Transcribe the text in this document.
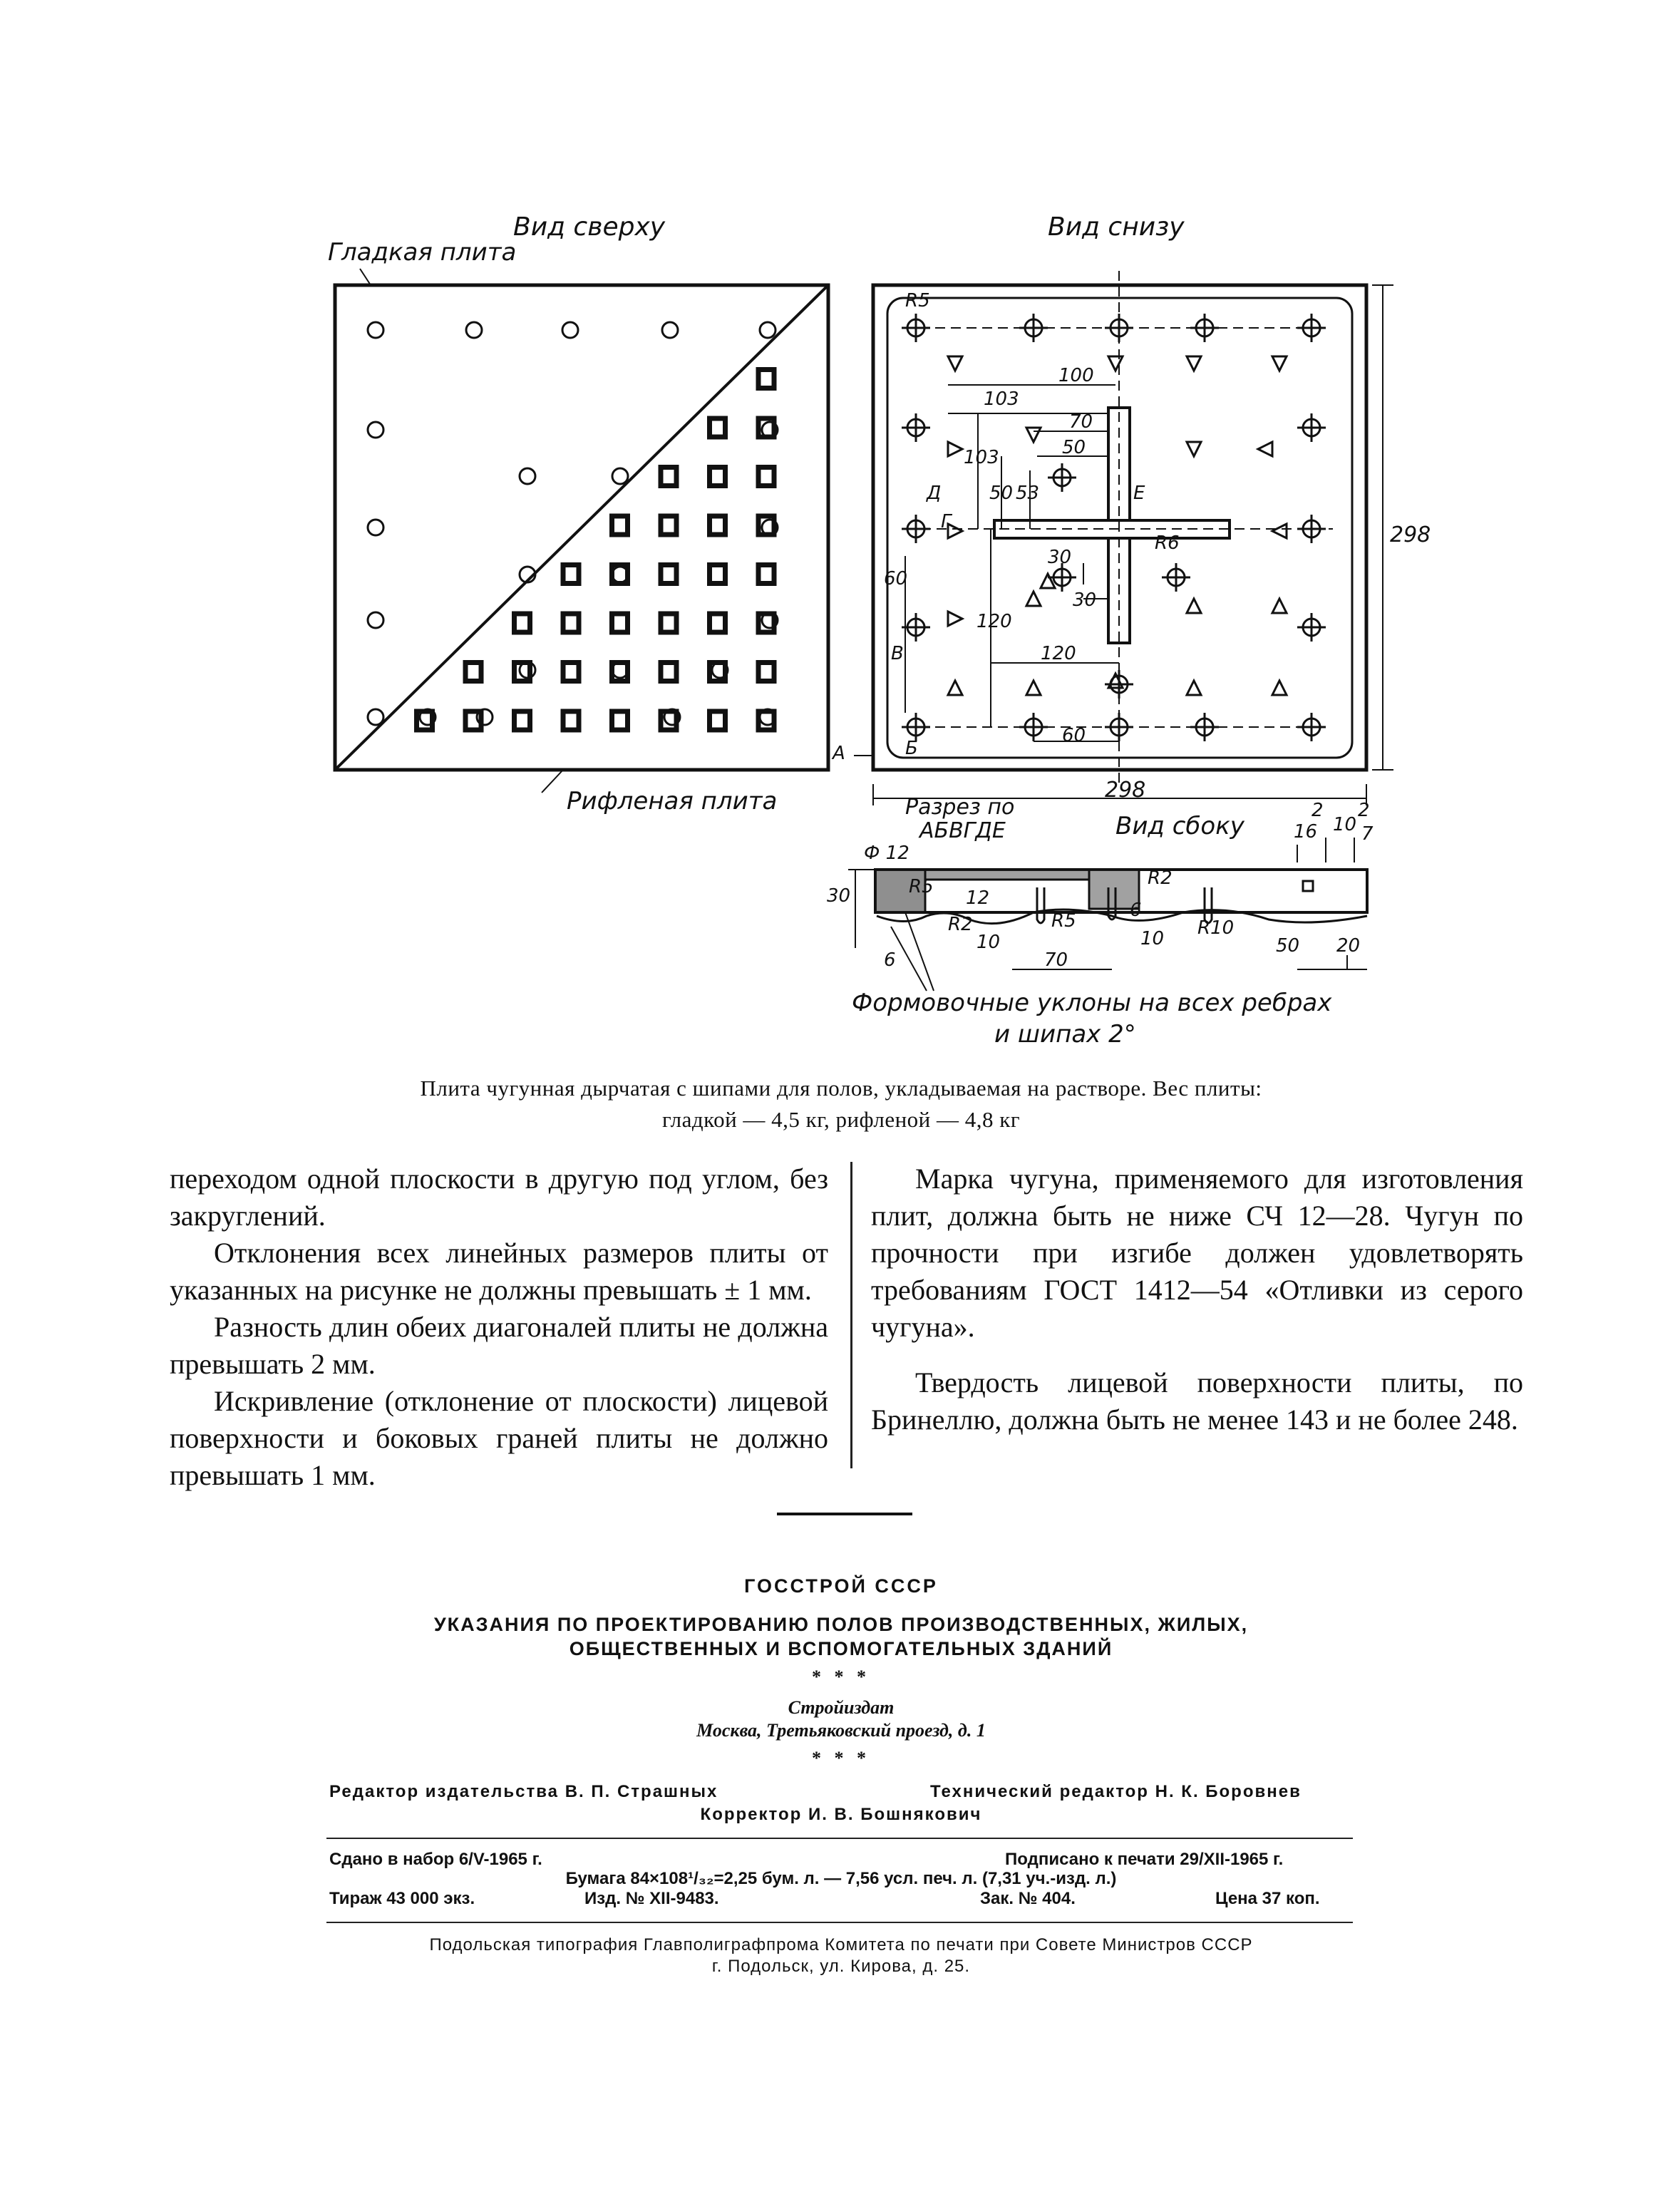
Вид сверху
Гладкая плита
Вид снизу
Рифленая плита
Вид сбоку
Разрез по
АБВГДЕ
Формовочные уклоны на всех ребрах
и шипах 2°
R5
100
103
70
50
103
50 53
Д	Е
Г
В
Б
А
R6
30
30
60
120
120
60
298
298
Ф 12
30	R5
R2
12
R2
R5
6
6
10
70
10 R10
50 20
2
10
2
16 7
Плита чугунная дырчатая с шипами для полов, укладываемая на растворе. Вес плиты:
гладкой — 4,5 кг, рифленой — 4,8 кг

переходом одной плоскости в другую под углом, без закруглений.

Отклонения всех линейных размеров плиты от указанных на рисунке не должны превышать ± 1 мм.

Разность длин обеих диагоналей плиты не должна превышать 2 мм.

Искривление (отклонение от плоскости) лицевой поверхности и боковых граней плиты не должно превышать 1 мм.

Марка чугуна, применяемого для изготовления плит, должна быть не ниже СЧ 12—28. Чугун по прочности при изгибе должен удовлетворять требованиям ГОСТ 1412—54 «Отливки из серого чугуна».

Твердость лицевой поверхности плиты, по Бринеллю, должна быть не менее 143 и не более 248.

ГОССТРОЙ СССР
УКАЗАНИЯ ПО ПРОЕКТИРОВАНИЮ ПОЛОВ ПРОИЗВОДСТВЕННЫХ, ЖИЛЫХ,
ОБЩЕСТВЕННЫХ И ВСПОМОГАТЕЛЬНЫХ ЗДАНИЙ
* * *
Стройиздат
Москва, Третьяковский проезд, д. 1
* * *
Редактор издательства В. П. Страшных	Технический редактор Н. К. Боровнев
Корректор И. В. Бошнякович
Сдано в набор 6/V-1965 г.	Подписано к печати 29/XII-1965 г.
Бумага 84×108¹/₃₂=2,25 бум. л. — 7,56 усл. печ. л. (7,31 уч.-изд. л.)
Тираж 43 000 экз.	Изд. № XII-9483.	Зак. № 404.	Цена 37 коп.
Подольская типография Главполиграфпрома Комитета по печати при Совете Министров СССР
г. Подольск, ул. Кирова, д. 25.
